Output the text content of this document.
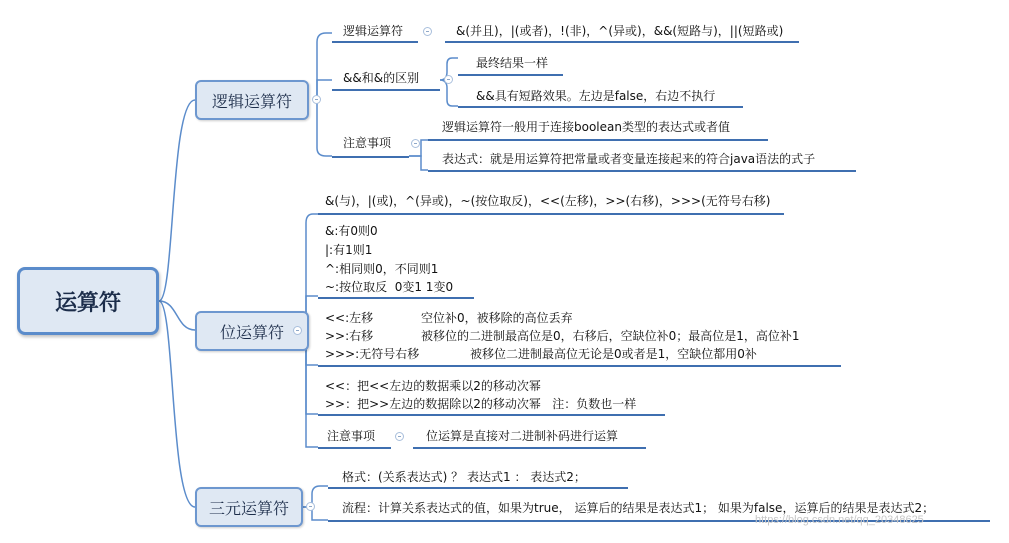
运算符
逻辑运算符
逻辑运算符	&(并且)，|(或者)，!(非)，^(异或)，&&(短路与)，||(短路或)
&&和&的区别
最终结果一样
&&具有短路效果。左边是false，右边不执行
注意事项
逻辑运算符一般用于连接boolean类型的表达式或者值
表达式：就是用运算符把常量或者变量连接起来的符合java语法的式子
位运算符
&(与)，|(或)，^(异或)，~(按位取反)，<<(左移)，>>(右移)，>>>(无符号右移)
&:有0则0
|:有1则1
^:相同则0，不同则1
~:按位取反  0变1 1变0
<<:左移	空位补0，被移除的高位丢弃
>>:右移	被移位的二进制最高位是0，右移后，空缺位补0；最高位是1，高位补1
>>>:无符号右移	被移位二进制最高位无论是0或者是1，空缺位都用0补
<<：把<<左边的数据乘以2的移动次幂
>>：把>>左边的数据除以2的移动次幂   注：负数也一样
注意事项	位运算是直接对二进制补码进行运算
三元运算符
格式：(关系表达式) ？ 表达式1 ： 表达式2；
流程：计算关系表达式的值，如果为true， 运算后的结果是表达式1； 如果为false，运算后的结果是表达式2；
https://blog.csdn.net/qq_20348625
